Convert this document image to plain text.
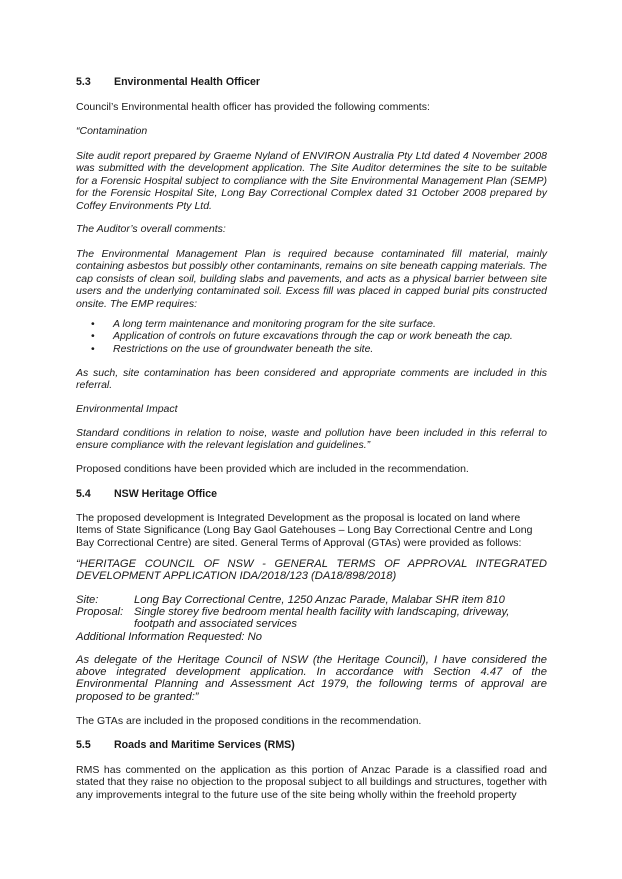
5.3 Environmental Health Officer

Council’s Environmental health officer has provided the following comments:

“Contamination

Site audit report prepared by Graeme Nyland of ENVIRON Australia Pty Ltd dated 4 November 2008 was submitted with the development application. The Site Auditor determines the site to be suitable for a Forensic Hospital subject to compliance with the Site Environmental Management Plan (SEMP) for the Forensic Hospital Site, Long Bay Correctional Complex dated 31 October 2008 prepared by Coffey Environments Pty Ltd.

The Auditor’s overall comments:

The Environmental Management Plan is required because contaminated fill material, mainly containing asbestos but possibly other contaminants, remains on site beneath capping materials. The cap consists of clean soil, building slabs and pavements, and acts as a physical barrier between site users and the underlying contaminated soil. Excess fill was placed in capped burial pits constructed onsite. The EMP requires:

• A long term maintenance and monitoring program for the site surface.
• Application of controls on future excavations through the cap or work beneath the cap.
• Restrictions on the use of groundwater beneath the site.

As such, site contamination has been considered and appropriate comments are included in this referral.

Environmental Impact

Standard conditions in relation to noise, waste and pollution have been included in this referral to ensure compliance with the relevant legislation and guidelines.”

Proposed conditions have been provided which are included in the recommendation.

5.4 NSW Heritage Office

The proposed development is Integrated Development as the proposal is located on land where Items of State Significance (Long Bay Gaol Gatehouses – Long Bay Correctional Centre and Long Bay Correctional Centre) are sited. General Terms of Approval (GTAs) were provided as follows:

“HERITAGE COUNCIL OF NSW - GENERAL TERMS OF APPROVAL INTEGRATED DEVELOPMENT APPLICATION IDA/2018/123 (DA18/898/2018)

Site:	Long Bay Correctional Centre, 1250 Anzac Parade, Malabar SHR item 810
Proposal: Single storey five bedroom mental health facility with landscaping, driveway, footpath and associated services
Additional Information Requested: No

As delegate of the Heritage Council of NSW (the Heritage Council), I have considered the above integrated development application. In accordance with Section 4.47 of the Environmental Planning and Assessment Act 1979, the following terms of approval are proposed to be granted:”

The GTAs are included in the proposed conditions in the recommendation.

5.5 Roads and Maritime Services (RMS)

RMS has commented on the application as this portion of Anzac Parade is a classified road and stated that they raise no objection to the proposal subject to all buildings and structures, together with any improvements integral to the future use of the site being wholly within the freehold property
